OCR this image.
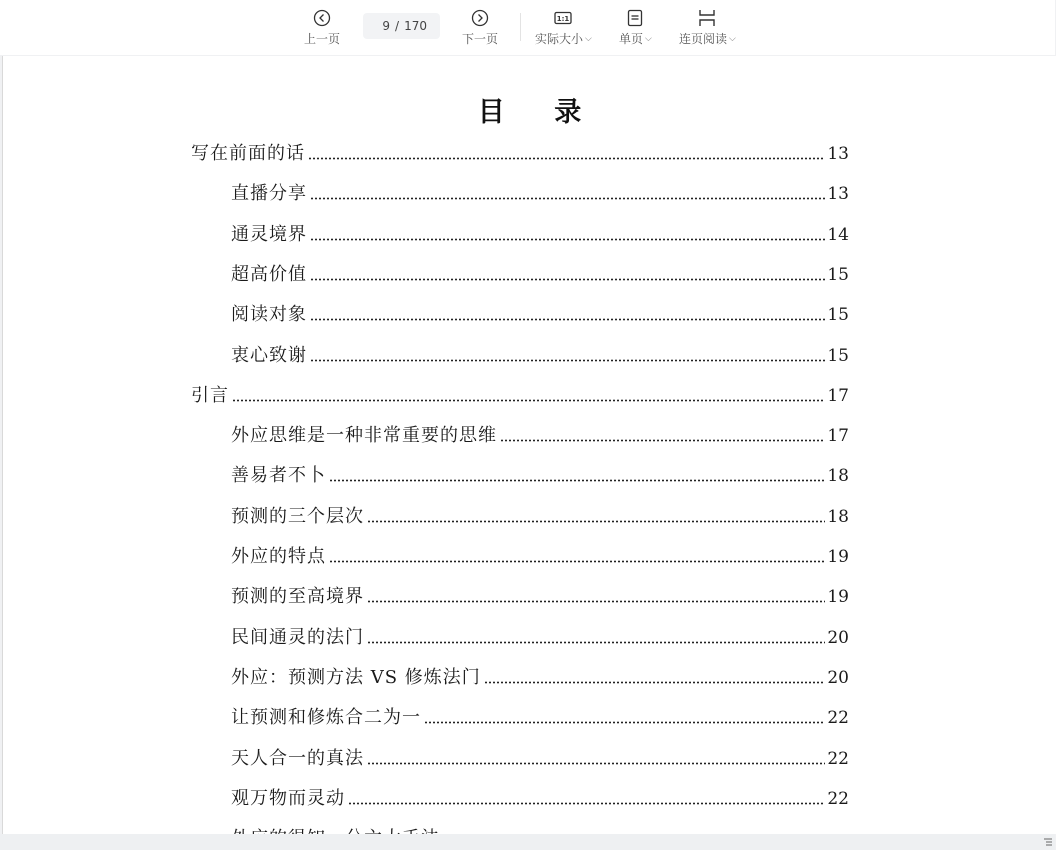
上一页
9
/ 170
下一页
1:1
实际大小 ⌵ 单页 ⌵ 连页阅读 ⌵
目 录
写在前面的话	13
直播分享	13
通灵境界	14
超高价值	15
阅读对象	15
衷心致谢	15
引言	17
外应思维是一种非常重要的思维	17
善易者不卜	18
预测的三个层次	18
外应的特点	19
预测的至高境界	19
民间通灵的法门	20
外应：预测方法 VS 修炼法门	20
让预测和修炼合二为一	22
天人合一的真法	22
观万物而灵动	22
